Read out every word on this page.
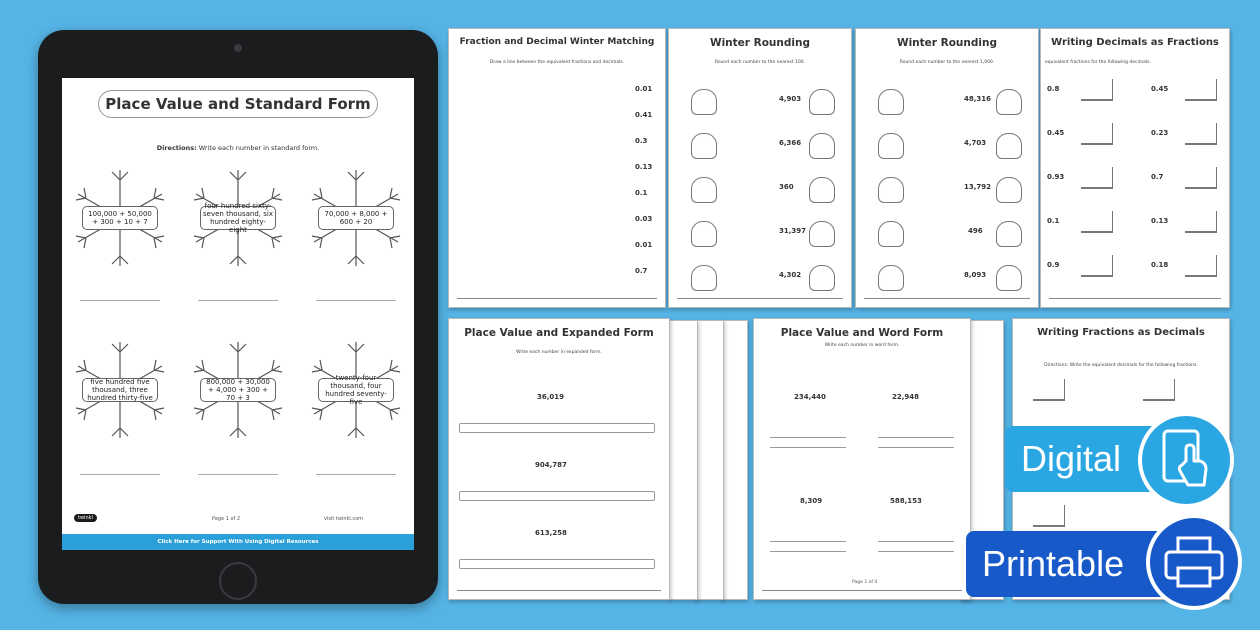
Place Value and Standard Form
Directions: Write each number in standard form.
100,000 + 50,000 + 300 + 10 + 7
four hundred sixty-seven thousand, six hundred eighty-eight
70,000 + 8,000 + 600 + 20
five hundred five thousand, three hundred thirty-five
800,000 + 30,000 + 4,000 + 300 + 70 + 3
twenty-four thousand, four hundred seventy-five
twinkl	Page 1 of 2	visit twinkl.com
Click Here for Support With Using Digital Resources
Fraction and Decimal Winter Matching
Draw a line between the equivalent fractions and decimals.
0.01
0.41
0.3
0.13
0.1
0.03
0.01
0.7
Winter Rounding
Round each number to the nearest 100.
4,903
6,366
360
31,397
4,302
Winter Rounding
Round each number to the nearest 1,000.
48,316
4,703
13,792
496
8,093
Writing Decimals as Fractions
equivalent fractions for the following decimals.
0.8	0.45
0.45	0.23
0.93	0.7
0.1	0.13
0.9	0.18
Place Value and Expanded Form
Write each number in expanded form.
36,019
904,787
613,258
Place Value and Word Form
Write each number in word form.
234,440	22,948
8,309	588,153
Page 1 of 4
Writing Fractions as Decimals
Directions: Write the equivalent decimals for the following fractions.
Digital
Printable
